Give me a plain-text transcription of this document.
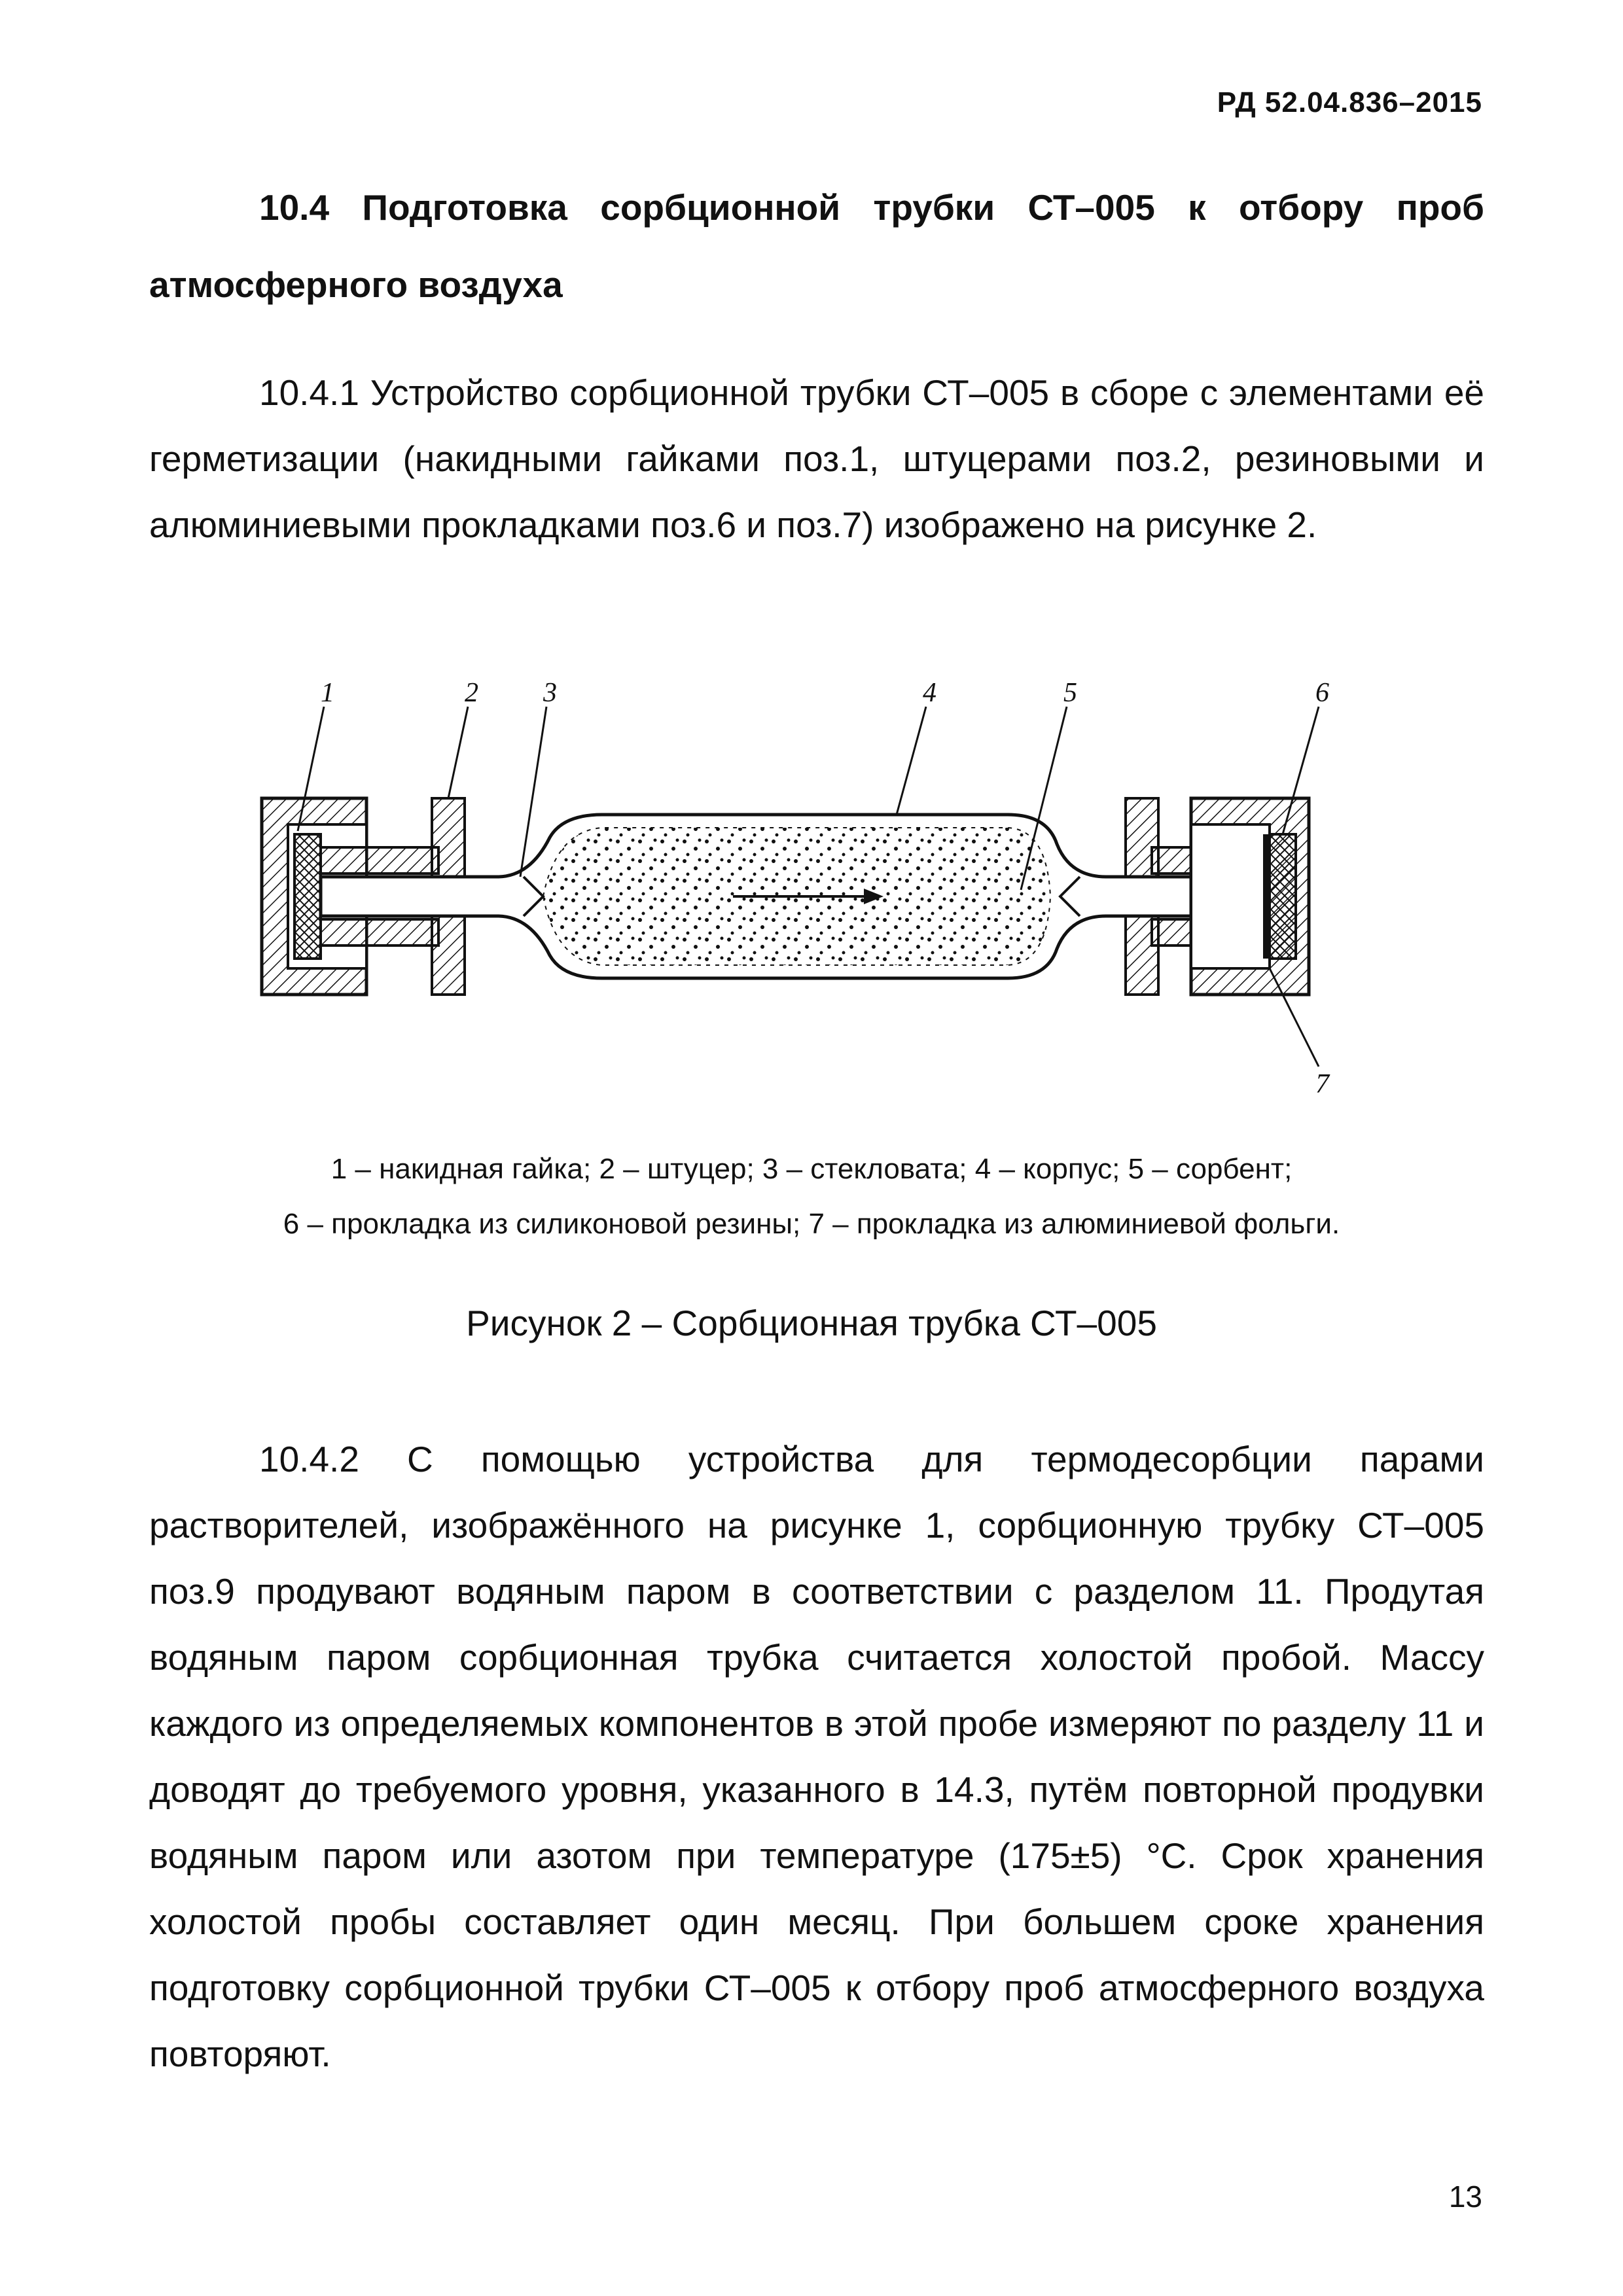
РД 52.04.836–2015
10.4 Подготовка сорбционной трубки СТ–005 к отбору проб атмосферного воздуха
10.4.1 Устройство сорбционной трубки СТ–005 в сборе с элементами её герметизации (накидными гайками поз.1, штуцерами поз.2, резиновыми и алюминиевыми прокладками поз.6 и поз.7) изображено на рисунке 2.
1	2 3	4	5	6
7
1 – накидная гайка; 2 – штуцер; 3 – стекловата; 4 – корпус; 5 – сорбент;
6 – прокладка из силиконовой резины; 7 – прокладка из алюминиевой фольги.
Рисунок 2 – Сорбционная трубка СТ–005
10.4.2 С помощью устройства для термодесорбции парами растворителей, изображённого на рисунке 1, сорбционную трубку СТ–005 поз.9 продувают водяным паром в соответствии с разделом 11. Продутая водяным паром сорбционная трубка считается холостой пробой. Массу каждого из определяемых компонентов в этой пробе измеряют по разделу 11 и доводят до требуемого уровня, указанного в 14.3, путём повторной продувки водяным паром или азотом при температуре (175±5) °С. Срок хранения холостой пробы составляет один месяц. При большем сроке хранения подготовку сорбционной трубки СТ–005 к отбору проб атмосферного воздуха повторяют.
13
